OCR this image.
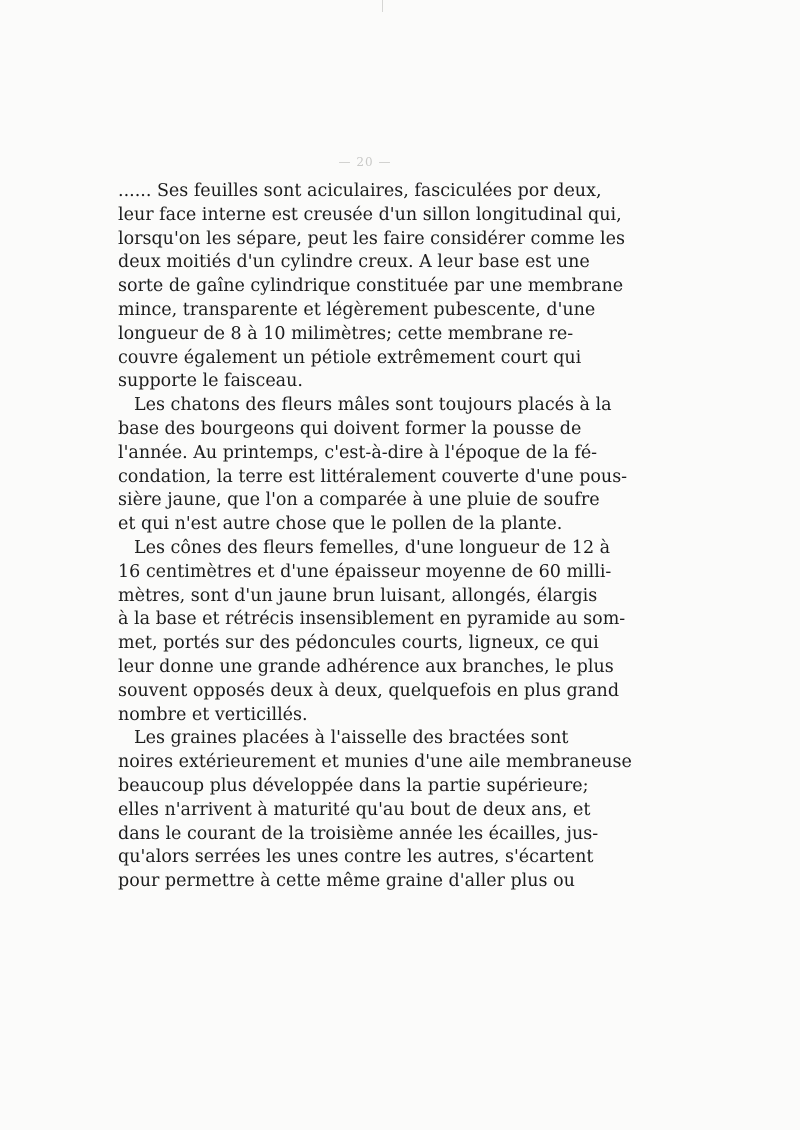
— 20 —
...... Ses feuilles sont aciculaires, fasciculées por deux,
leur face interne est creusée d'un sillon longitudinal qui,
lorsqu'on les sépare, peut les faire considérer comme les
deux moitiés d'un cylindre creux. A leur base est une
sorte de gaîne cylindrique constituée par une membrane
mince, transparente et légèrement pubescente, d'une
longueur de 8 à 10 milimètres; cette membrane re-
couvre également un pétiole extrêmement court qui
supporte le faisceau.
Les chatons des fleurs mâles sont toujours placés à la
base des bourgeons qui doivent former la pousse de
l'année. Au printemps, c'est-à-dire à l'époque de la fé-
condation, la terre est littéralement couverte d'une pous-
sière jaune, que l'on a comparée à une pluie de soufre
et qui n'est autre chose que le pollen de la plante.
Les cônes des fleurs femelles, d'une longueur de 12 à
16 centimètres et d'une épaisseur moyenne de 60 milli-
mètres, sont d'un jaune brun luisant, allongés, élargis
à la base et rétrécis insensiblement en pyramide au som-
met, portés sur des pédoncules courts, ligneux, ce qui
leur donne une grande adhérence aux branches, le plus
souvent opposés deux à deux, quelquefois en plus grand
nombre et verticillés.
Les graines placées à l'aisselle des bractées sont
noires extérieurement et munies d'une aile membraneuse
beaucoup plus développée dans la partie supérieure;
elles n'arrivent à maturité qu'au bout de deux ans, et
dans le courant de la troisième année les écailles, jus-
qu'alors serrées les unes contre les autres, s'écartent
pour permettre à cette même graine d'aller plus ou
